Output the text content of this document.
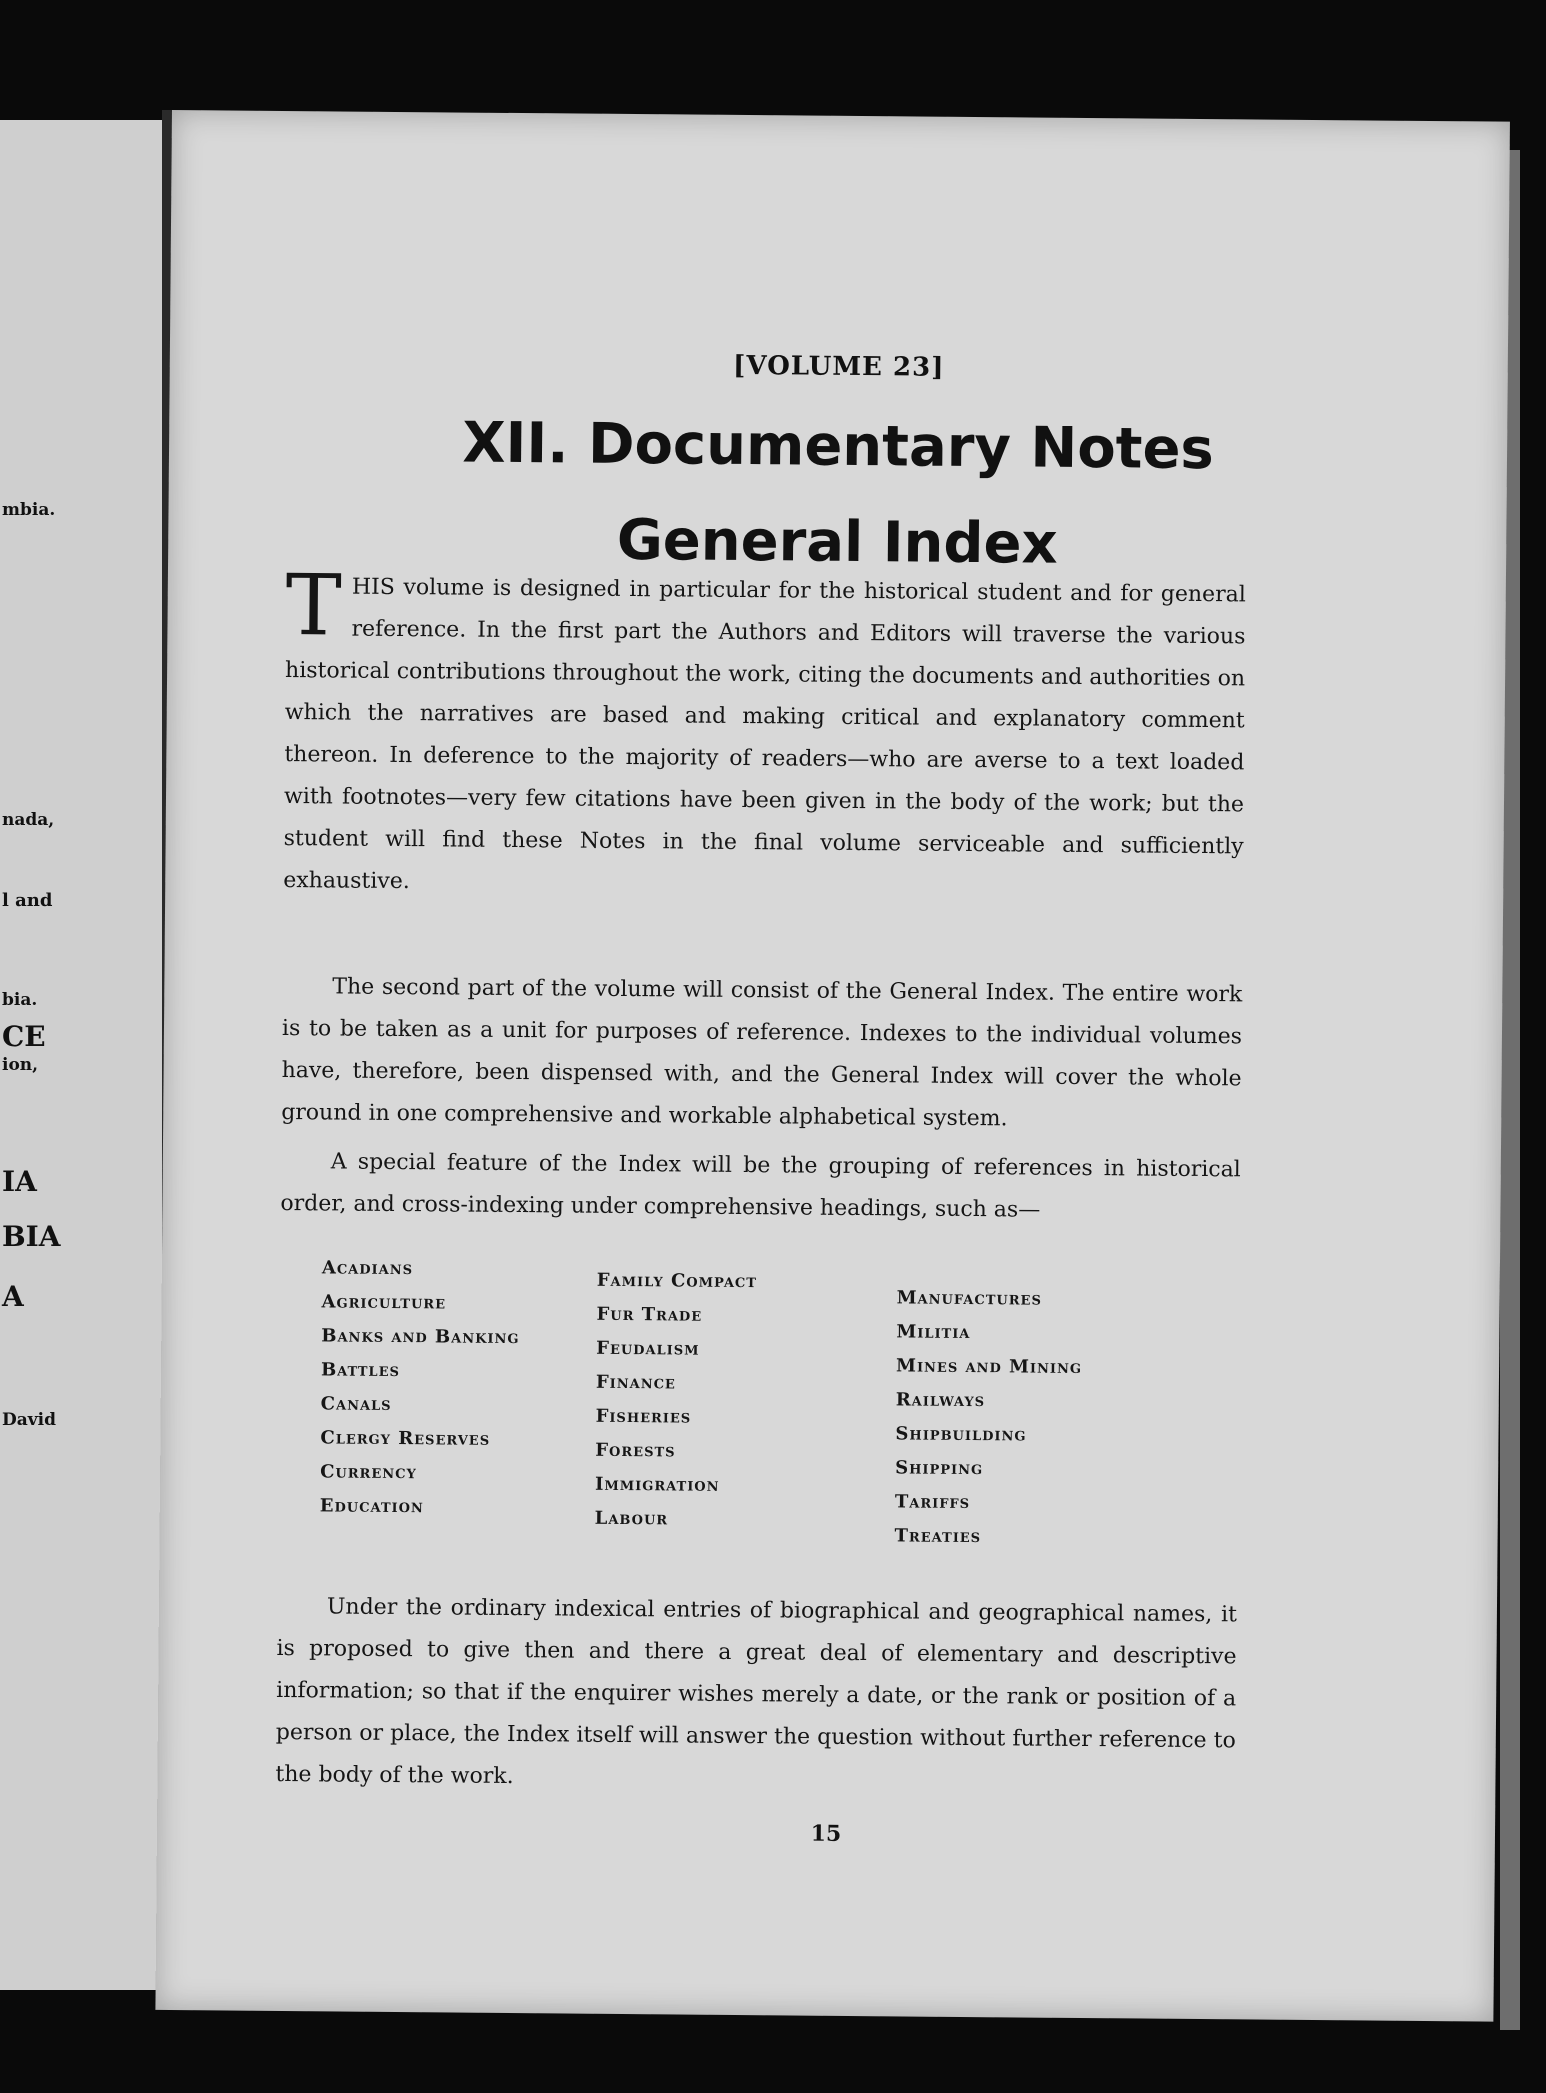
mbia.
nada,
l and
bia.
CE
ion,
IA
BIA
A
David
[VOLUME 23]
XII. Documentary Notes
General Index
THIS volume is designed in particular for the historical student and for general reference. In the first part the Authors and Editors will traverse the various historical contributions throughout the work, citing the documents and authorities on which the narratives are based and making critical and explanatory comment thereon. In deference to the majority of readers—who are averse to a text loaded with footnotes—very few citations have been given in the body of the work; but the student will find these Notes in the final volume serviceable and sufficiently exhaustive.
The second part of the volume will consist of the General Index. The entire work is to be taken as a unit for purposes of reference. Indexes to the individual volumes have, therefore, been dispensed with, and the General Index will cover the whole ground in one comprehensive and workable alphabetical system.
A special feature of the Index will be the grouping of references in historical order, and cross-indexing under comprehensive headings, such as—
Acadians
Agriculture
Banks and Banking
Battles
Canals
Clergy Reserves
Currency
Education
Family Compact
Fur Trade
Feudalism
Finance
Fisheries
Forests
Immigration
Labour
Manufactures
Militia
Mines and Mining
Railways
Shipbuilding
Shipping
Tariffs
Treaties
Under the ordinary indexical entries of biographical and geographical names, it is proposed to give then and there a great deal of elementary and descriptive information; so that if the enquirer wishes merely a date, or the rank or position of a person or place, the Index itself will answer the question without further reference to the body of the work.
15
